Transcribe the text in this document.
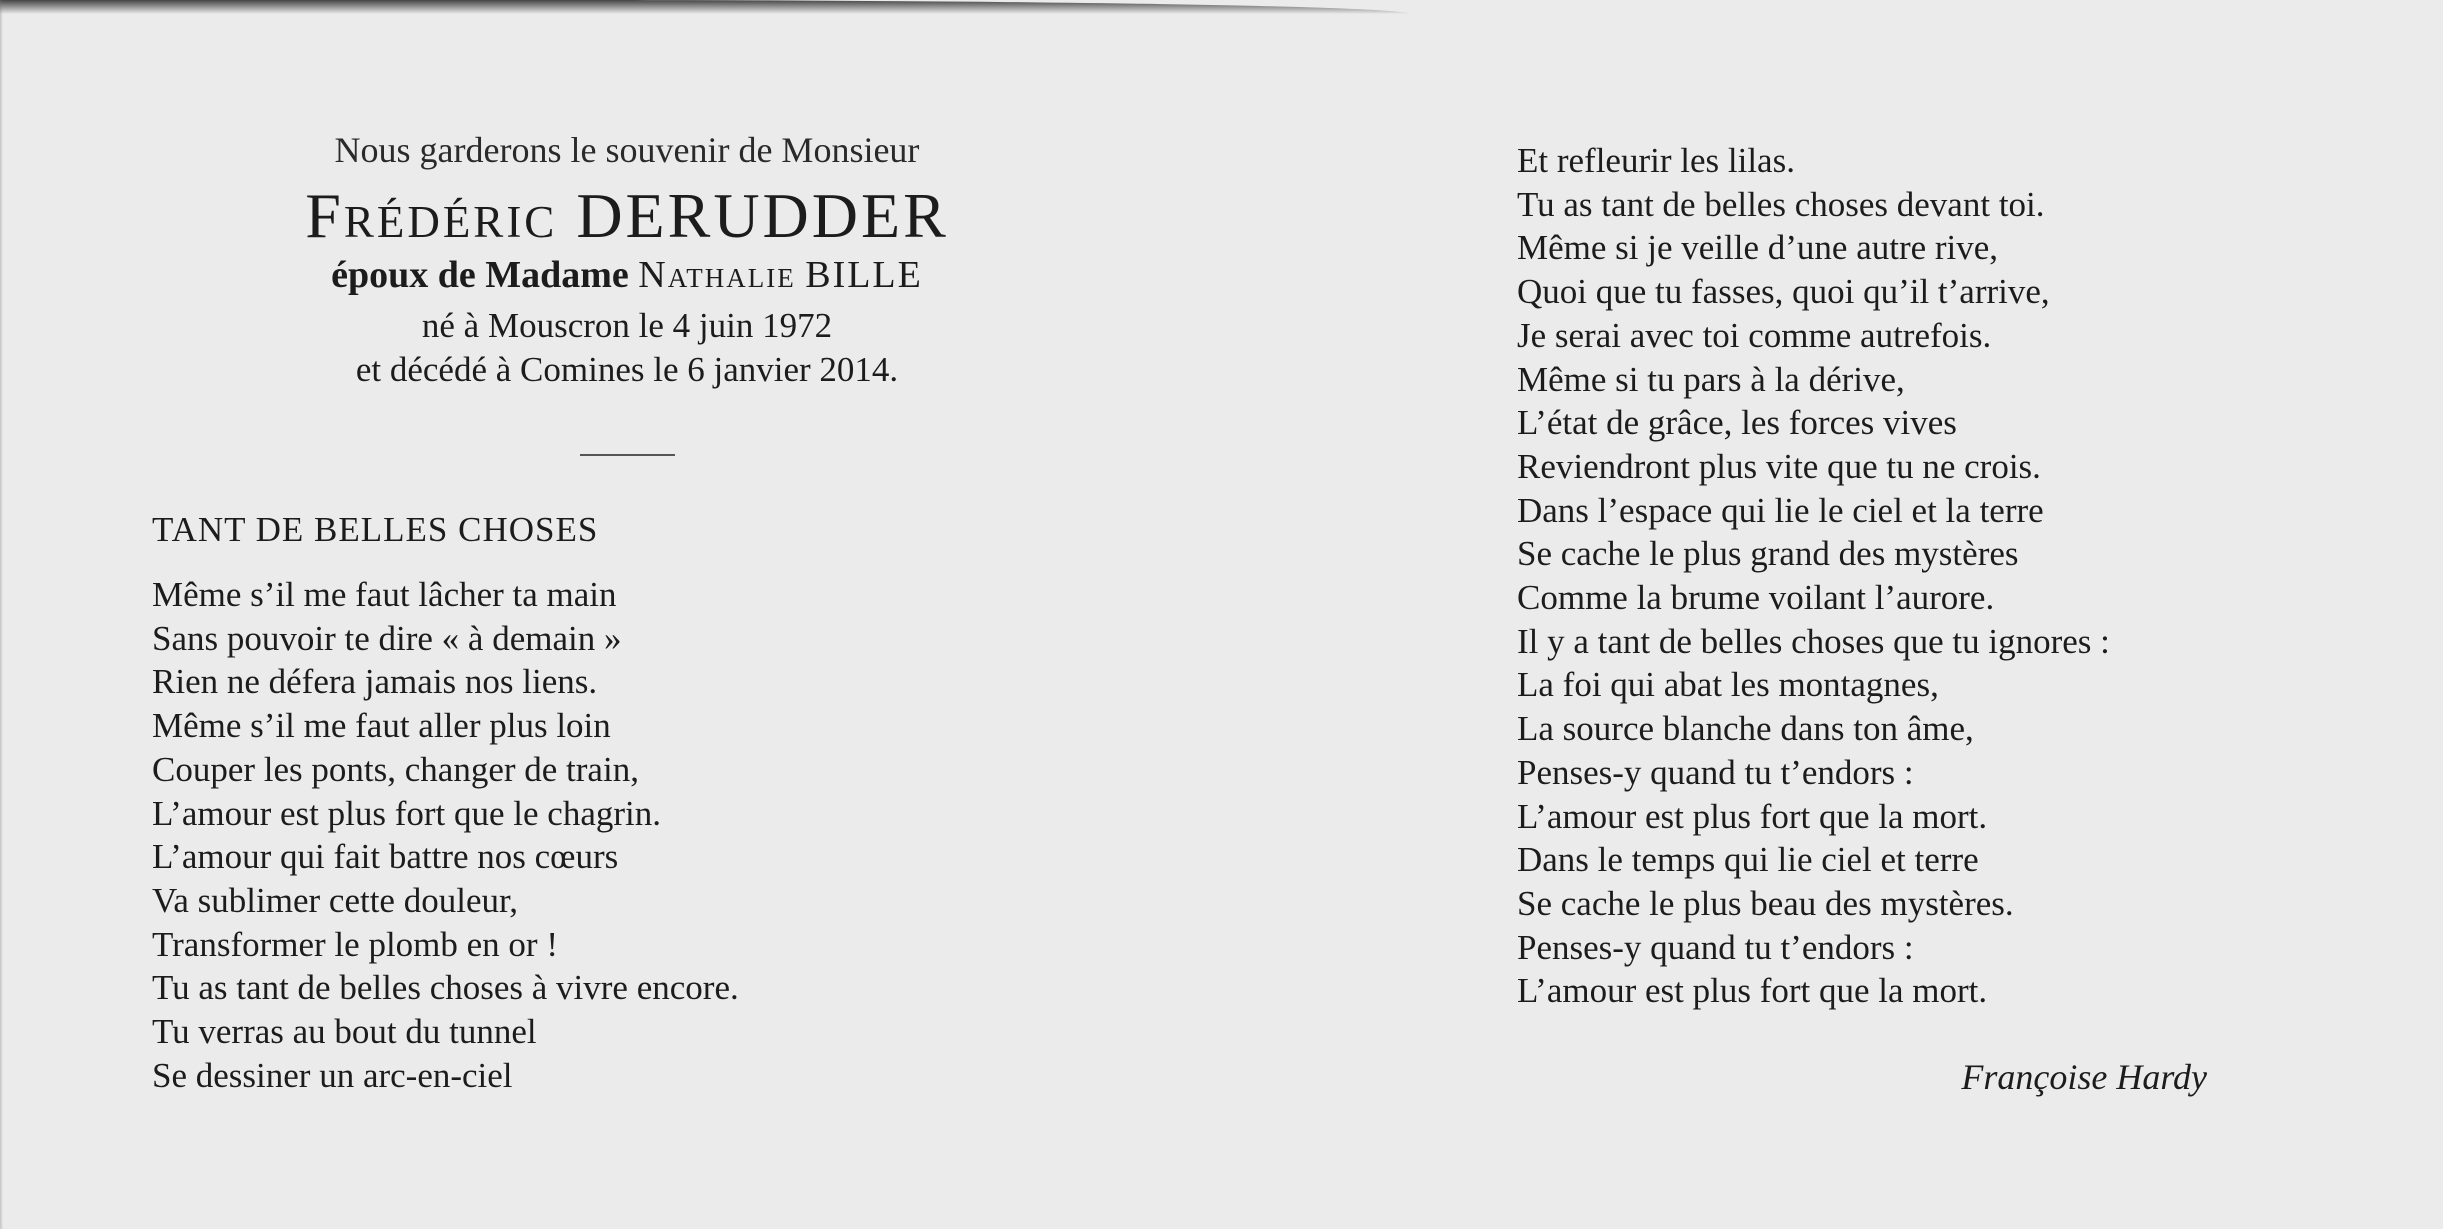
Nous garderons le souvenir de Monsieur
Frédéric DERUDDER
époux de Madame Nathalie BILLE
né à Mouscron le 4 juin 1972
et décédé à Comines le 6 janvier 2014.
TANT DE BELLES CHOSES
Même s’il me faut lâcher ta main
Sans pouvoir te dire « à demain »
Rien ne défera jamais nos liens.
Même s’il me faut aller plus loin
Couper les ponts, changer de train,
L’amour est plus fort que le chagrin.
L’amour qui fait battre nos cœurs
Va sublimer cette douleur,
Transformer le plomb en or !
Tu as tant de belles choses à vivre encore.
Tu verras au bout du tunnel
Se dessiner un arc-en-ciel
Et refleurir les lilas.
Tu as tant de belles choses devant toi.
Même si je veille d’une autre rive,
Quoi que tu fasses, quoi qu’il t’arrive,
Je serai avec toi comme autrefois.
Même si tu pars à la dérive,
L’état de grâce, les forces vives
Reviendront plus vite que tu ne crois.
Dans l’espace qui lie le ciel et la terre
Se cache le plus grand des mystères
Comme la brume voilant l’aurore.
Il y a tant de belles choses que tu ignores :
La foi qui abat les montagnes,
La source blanche dans ton âme,
Penses-y quand tu t’endors :
L’amour est plus fort que la mort.
Dans le temps qui lie ciel et terre
Se cache le plus beau des mystères.
Penses-y quand tu t’endors :
L’amour est plus fort que la mort.
Françoise Hardy
